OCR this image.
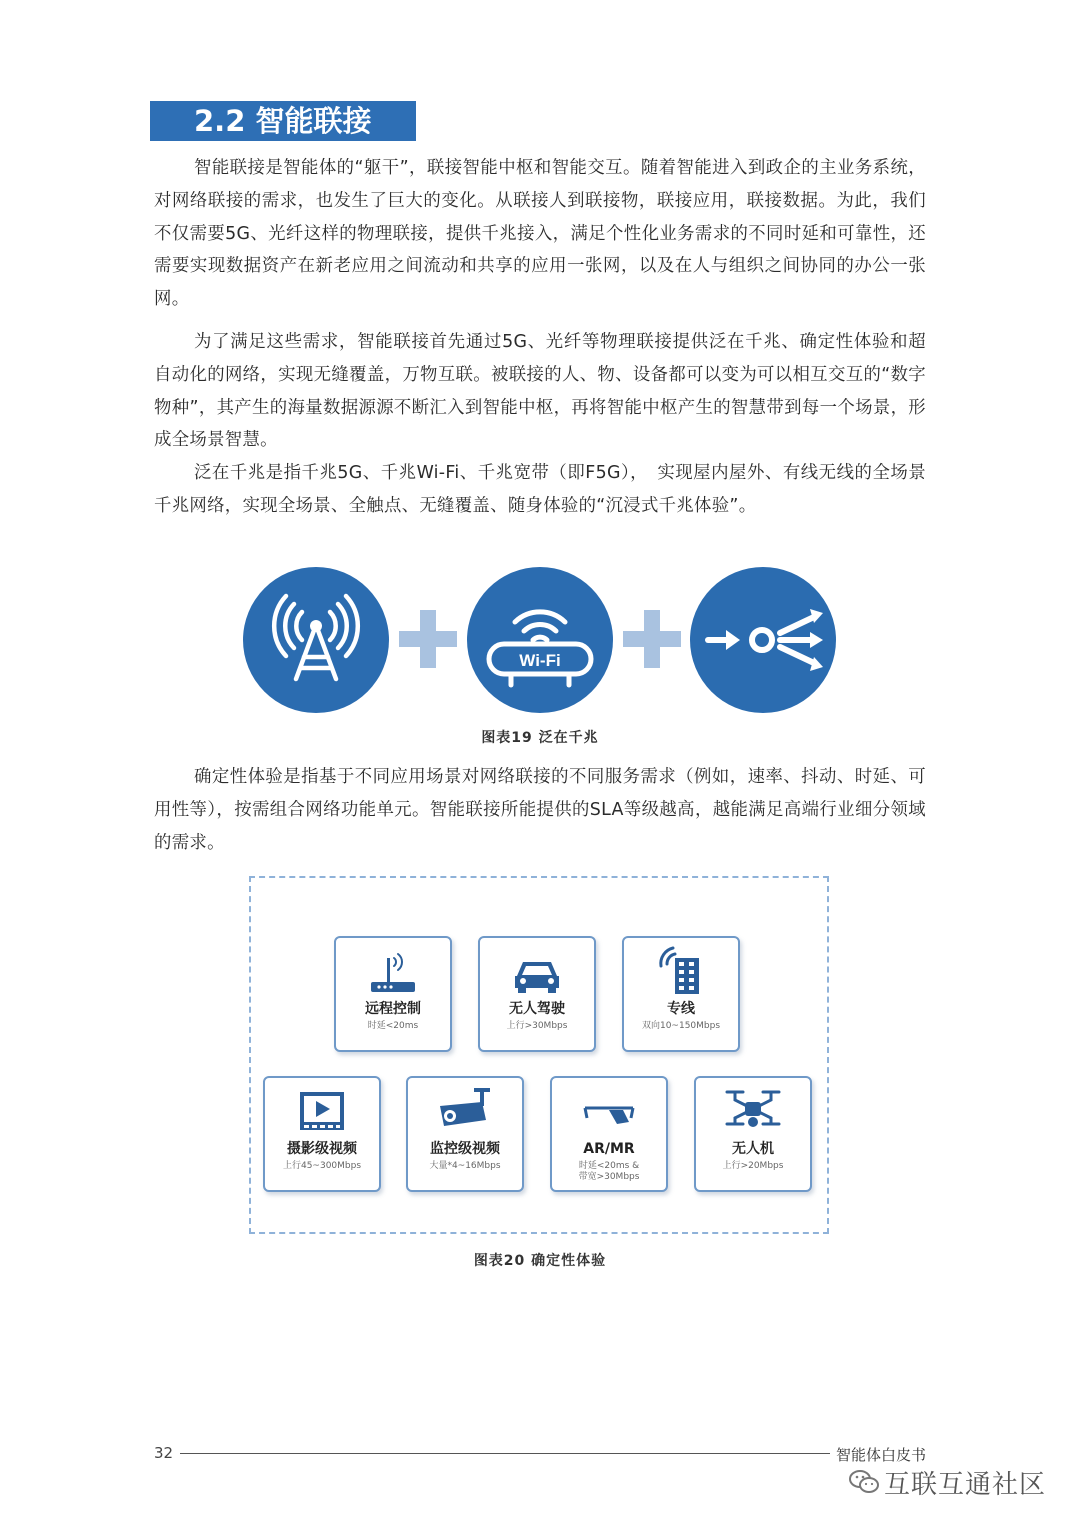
2.2 智能联接

智能联接是智能体的“躯干”，联接智能中枢和智能交互。随着智能进入到政企的主业务系统，对网络联接的需求，也发生了巨大的变化。从联接人到联接物，联接应用，联接数据。为此，我们不仅需要5G、光纤这样的物理联接，提供千兆接入，满足个性化业务需求的不同时延和可靠性，还需要实现数据资产在新老应用之间流动和共享的应用一张网，以及在人与组织之间协同的办公一张网。

为了满足这些需求，智能联接首先通过5G、光纤等物理联接提供泛在千兆、确定性体验和超自动化的网络，实现无缝覆盖，万物互联。被联接的人、物、设备都可以变为可以相互交互的“数字物种”，其产生的海量数据源源不断汇入到智能中枢，再将智能中枢产生的智慧带到每一个场景，形成全场景智慧。

泛在千兆是指千兆5G、千兆Wi-Fi、千兆宽带（即F5G），　实现屋内屋外、有线无线的全场景千兆网络，实现全场景、全触点、无缝覆盖、随身体验的“沉浸式千兆体验”。

Wi-Fi
图表19 泛在千兆

确定性体验是指基于不同应用场景对网络联接的不同服务需求（例如，速率、抖动、时延、可用性等），按需组合网络功能单元。智能联接所能提供的SLA等级越高，越能满足高端行业细分领域的需求。

远程控制
时延<20ms
无人驾驶
上行>30Mbps
专线
双向10~150Mbps
摄影级视频
上行45~300Mbps
监控级视频
大量*4~16Mbps
AR/MR
时延<20ms &
带宽>30Mbps
无人机
上行>20Mbps
图表20 确定性体验
32	智能体白皮书
互联互通社区
